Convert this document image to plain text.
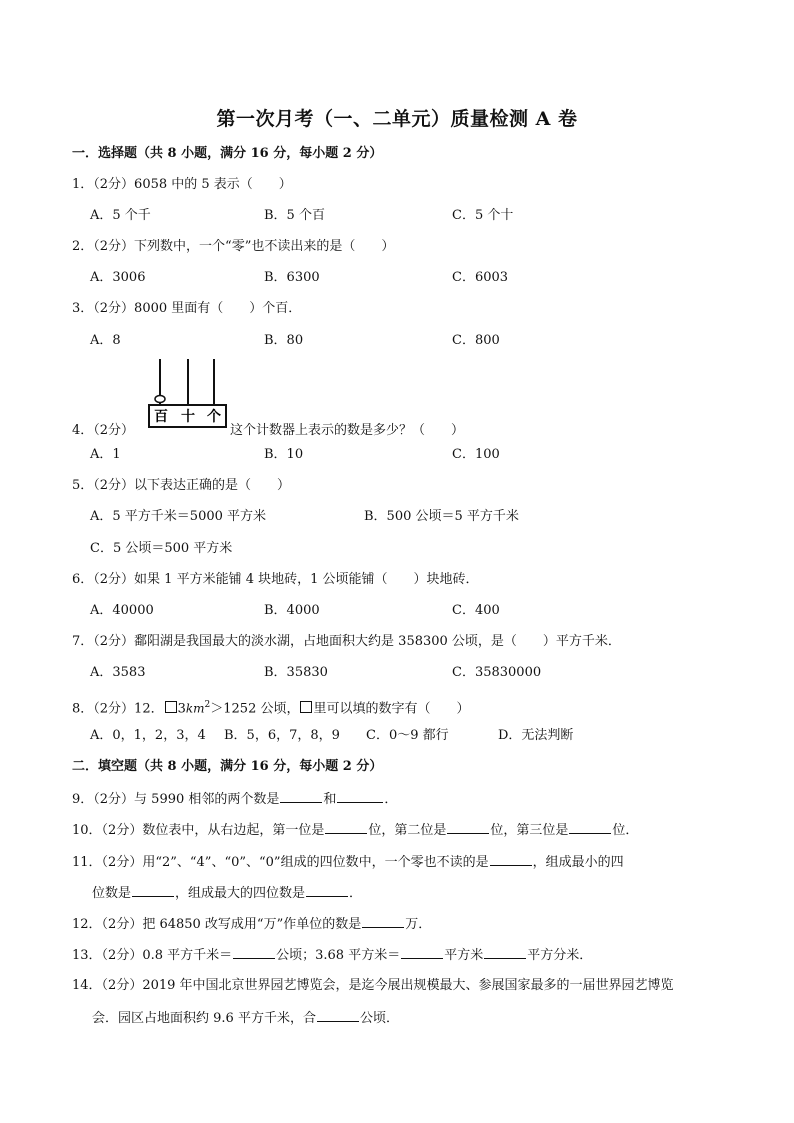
第一次月考（一、二单元）质量检测 A 卷
一．选择题（共 8 小题，满分 16 分，每小题 2 分）
1．（2分）6058 中的 5 表示（　　）
A．5 个千	B．5 个百	C．5 个十
2．（2分）下列数中，一个“零”也不读出来的是（　　）
A．3006	B．6300	C．6003
3．（2分）8000 里面有（　　）个百．
A．8	B．80	C．800
百 十 个
4．（2分）	这个计数器上表示的数是多少？（　　）
A．1	B．10	C．100
5．（2分）以下表达正确的是（　　）
A．5 平方千米＝5000 平方米	B．500 公顷＝5 平方千米
C．5 公顷＝500 平方米
6．（2分）如果 1 平方米能铺 4 块地砖，1 公顷能铺（　　）块地砖．
A．40000	B．4000	C．400
7．（2分）鄱阳湖是我国最大的淡水湖，占地面积大约是 358300 公顷，是（　　）平方千米．
A．3583	B．35830	C．35830000
8．（2分）12． $3km^2>1252$ 公顷， 里可以填的数字有（　　）
A．0，1，2，3，4 B．5，6，7，8，9 C．0～9 都行	D．无法判断
二．填空题（共 8 小题，满分 16 分，每小题 2 分）
9．（2分）与 5990 相邻的两个数是	和	．
10．（2分）数位表中，从右边起，第一位是	位，第二位是	位，第三位是	位．
11．（2分）用“2”、“4”、“0”、“0”组成的四位数中，一个零也不读的是	，组成最小的四
位数是	，组成最大的四位数是	．
12．（2分）把 64850 改写成用“万”作单位的数是	万．
13．（2分）0.8 平方千米＝	公顷；3.68 平方米＝	平方米	平方分米．
14．（2分）2019 年中国北京世界园艺博览会，是迄今展出规模最大、参展国家最多的一届世界园艺博览
会．园区占地面积约 9.6 平方千米，合	公顷．
